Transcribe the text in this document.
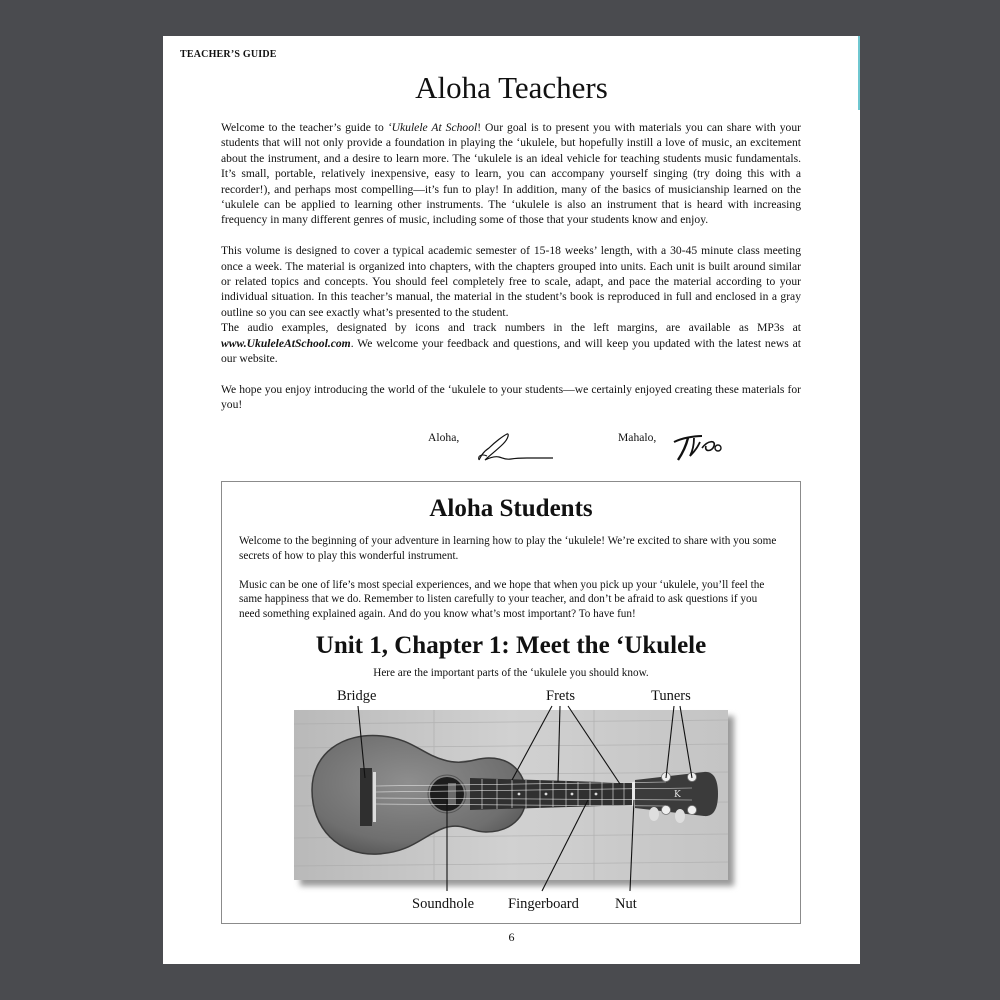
TEACHER’S GUIDE
Aloha Teachers

Welcome to the teacher’s guide to ‘Ukulele At School! Our goal is to present you with materials you can share with your students that will not only provide a foundation in playing the ‘ukulele, but hopefully instill a love of music, an excitement about the instrument, and a desire to learn more. The ‘ukulele is an ideal vehicle for teaching students music fundamentals. It’s small, portable, relatively inexpensive, easy to learn, you can accompany yourself singing (try doing this with a recorder!), and perhaps most compelling—it’s fun to play! In addition, many of the basics of musicianship learned on the ‘ukulele can be applied to learning other instruments. The ‘ukulele is also an instrument that is heard with increasing frequency in many different genres of music, including some of those that your students know and enjoy.

This volume is designed to cover a typical academic semester of 15-18 weeks’ length, with a 30-45 minute class meeting once a week. The material is organized into chapters, with the chapters grouped into units. Each unit is built around similar or related topics and concepts. You should feel completely free to scale, adapt, and pace the material according to your individual situation. In this teacher’s manual, the material in the student’s book is reproduced in full and enclosed in a gray outline so you can see exactly what’s presented to the student.

The audio examples, designated by icons and track numbers in the left margins, are available as MP3s at www.UkuleleAtSchool.com. We welcome your feedback and questions, and will keep you updated with the latest news at our website.

We hope you enjoy introducing the world of the ‘ukulele to your students—we certainly enjoyed creating these materials for you!

Aloha,	Mahalo,
Aloha Students

Welcome to the beginning of your adventure in learning how to play the ‘ukulele! We’re excited to share with you some secrets of how to play this wonderful instrument.

Music can be one of life’s most special experiences, and we hope that when you pick up your ‘ukulele, you’ll feel the same happiness that we do. Remember to listen carefully to your teacher, and don’t be afraid to ask questions if you need something explained again. And do you know what’s most important? To have fun!

Unit 1, Chapter 1: Meet the ‘Ukulele
Here are the important parts of the ‘ukulele you should know.
Bridge	Frets	Tuners
Soundhole Fingerboard Nut
K
6
